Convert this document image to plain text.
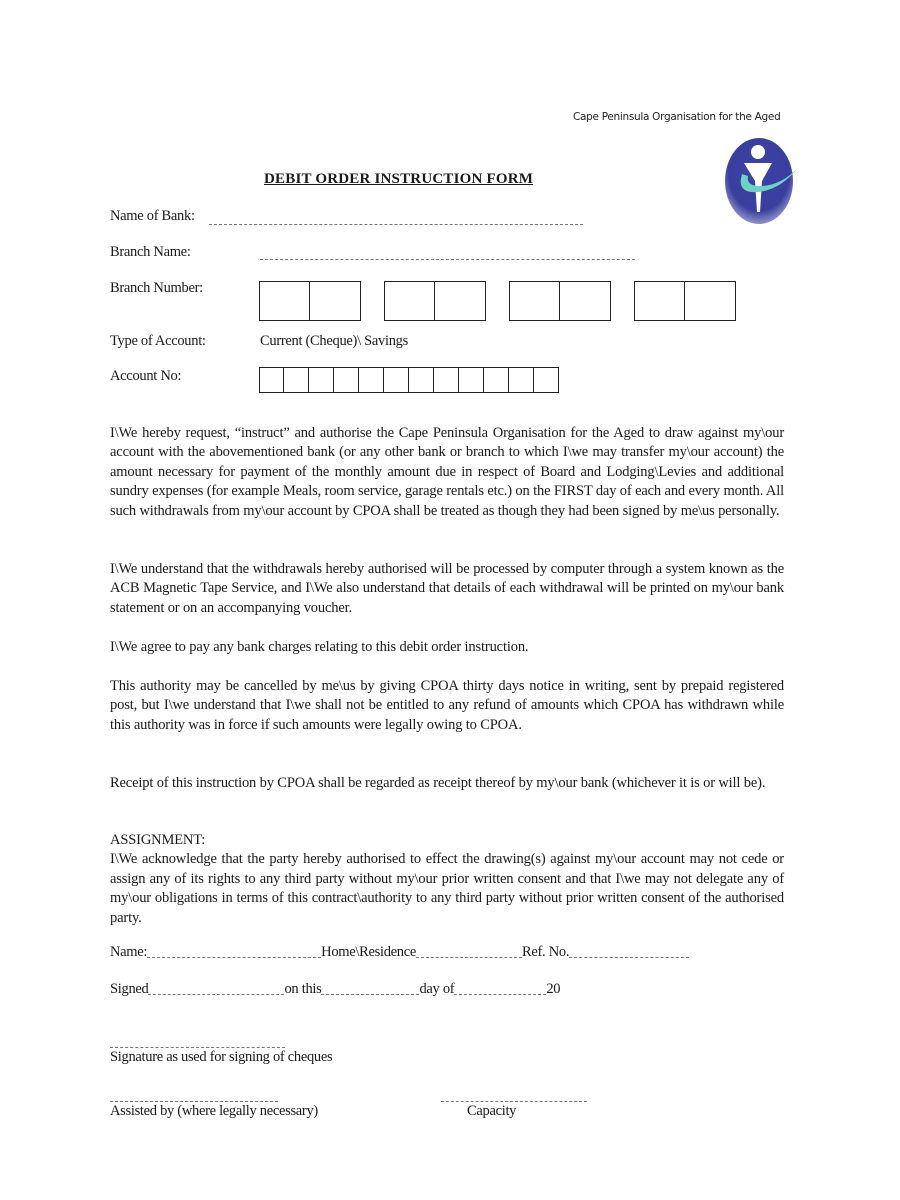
Cape Peninsula Organisation for the Aged
DEBIT ORDER INSTRUCTION FORM
Name of Bank:
Branch Name:
Branch Number:
Type of Account:	Current (Cheque)\ Savings
Account No:

I\We hereby request, “instruct” and authorise the Cape Peninsula Organisation for the Aged to draw against my\our account with the abovementioned bank (or any other bank or branch to which I\we may transfer my\our account) the amount necessary for payment of the monthly amount due in respect of Board and Lodging\Levies and additional sundry expenses (for example Meals, room service, garage rentals etc.) on the FIRST day of each and every month. All such withdrawals from my\our account by CPOA shall be treated as though they had been signed by me\us personally.

I\We understand that the withdrawals hereby authorised will be processed by computer through a system known as the ACB Magnetic Tape Service, and I\We also understand that details of each withdrawal will be printed on my\our bank statement or on an accompanying voucher.

I\We agree to pay any bank charges relating to this debit order instruction.

This authority may be cancelled by me\us by giving CPOA thirty days notice in writing, sent by prepaid registered post, but I\we understand that I\we shall not be entitled to any refund of amounts which CPOA has withdrawn while this authority was in force if such amounts were legally owing to CPOA.

Receipt of this instruction by CPOA shall be regarded as receipt thereof by my\our bank (whichever it is or will be).

ASSIGNMENT:

I\We acknowledge that the party hereby authorised to effect the drawing(s) against my\our account may not cede or assign any of its rights to any third party without my\our prior written consent and that I\we may not delegate any of my\our obligations in terms of this contract\authority to any third party without prior written consent of the authorised party.

Name:	Home\Residence	Ref. No.
Signed	on this	day of	20
Signature as used for signing of cheques
Assisted by (where legally necessary)	Capacity
